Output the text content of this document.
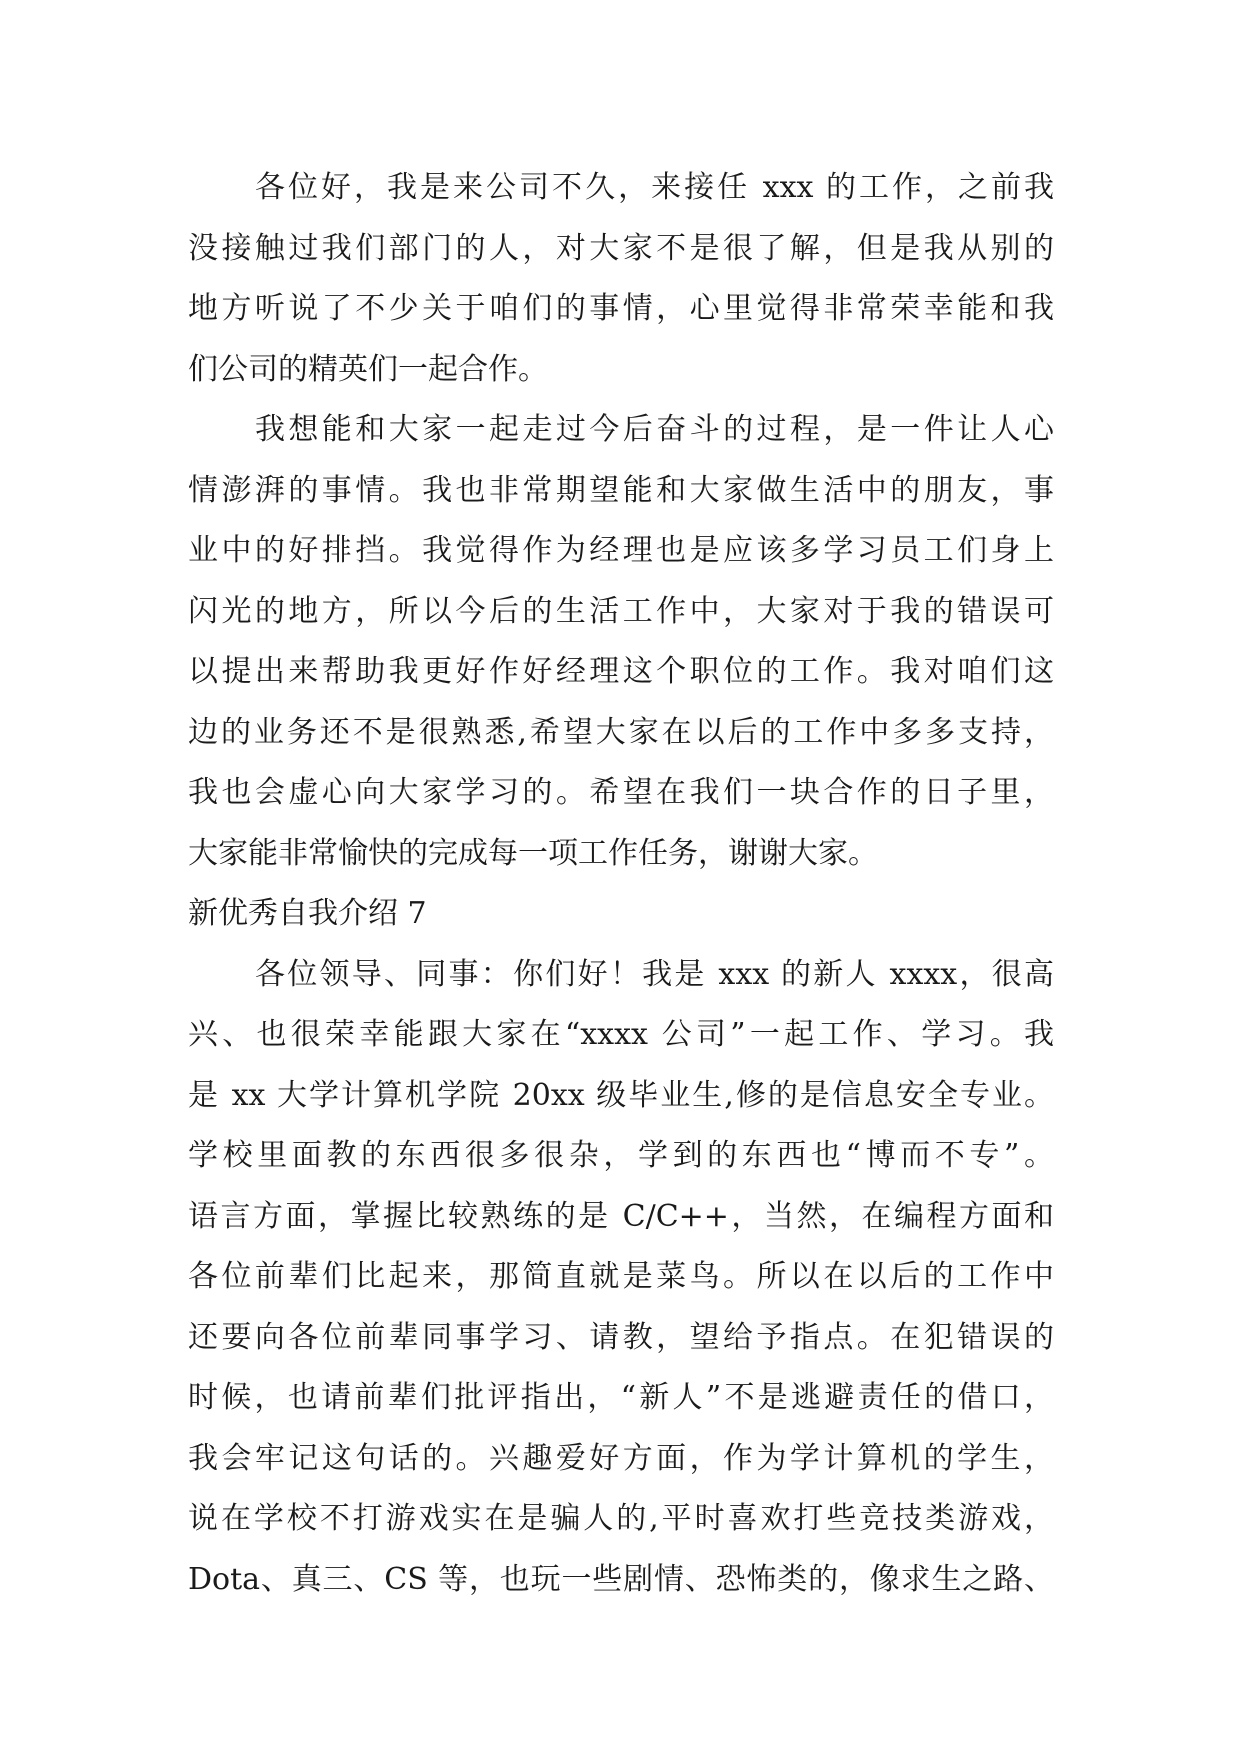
各位好，我是来公司不久，来接任 xxx 的工作，之前我
没接触过我们部门的人，对大家不是很了解，但是我从别的
地方听说了不少关于咱们的事情，心里觉得非常荣幸能和我
们公司的精英们一起合作。
我想能和大家一起走过今后奋斗的过程，是一件让人心
情澎湃的事情。我也非常期望能和大家做生活中的朋友，事
业中的好排挡。我觉得作为经理也是应该多学习员工们身上
闪光的地方，所以今后的生活工作中，大家对于我的错误可
以提出来帮助我更好作好经理这个职位的工作。我对咱们这
边的业务还不是很熟悉,希望大家在以后的工作中多多支持，
我也会虚心向大家学习的。希望在我们一块合作的日子里，
大家能非常愉快的完成每一项工作任务，谢谢大家。
新优秀自我介绍 7
各位领导、同事：你们好！我是 xxx 的新人 xxxx，很高
兴、也很荣幸能跟大家在“xxxx 公司”一起工作、学习。我
是 xx 大学计算机学院 20xx 级毕业生,修的是信息安全专业。
学校里面教的东西很多很杂，学到的东西也“博而不专”。
语言方面，掌握比较熟练的是 C/C++，当然，在编程方面和
各位前辈们比起来，那简直就是菜鸟。所以在以后的工作中
还要向各位前辈同事学习、请教，望给予指点。在犯错误的
时候，也请前辈们批评指出，“新人”不是逃避责任的借口，
我会牢记这句话的。兴趣爱好方面，作为学计算机的学生，
说在学校不打游戏实在是骗人的,平时喜欢打些竞技类游戏，
Dota、真三、CS 等，也玩一些剧情、恐怖类的，像求生之路、
